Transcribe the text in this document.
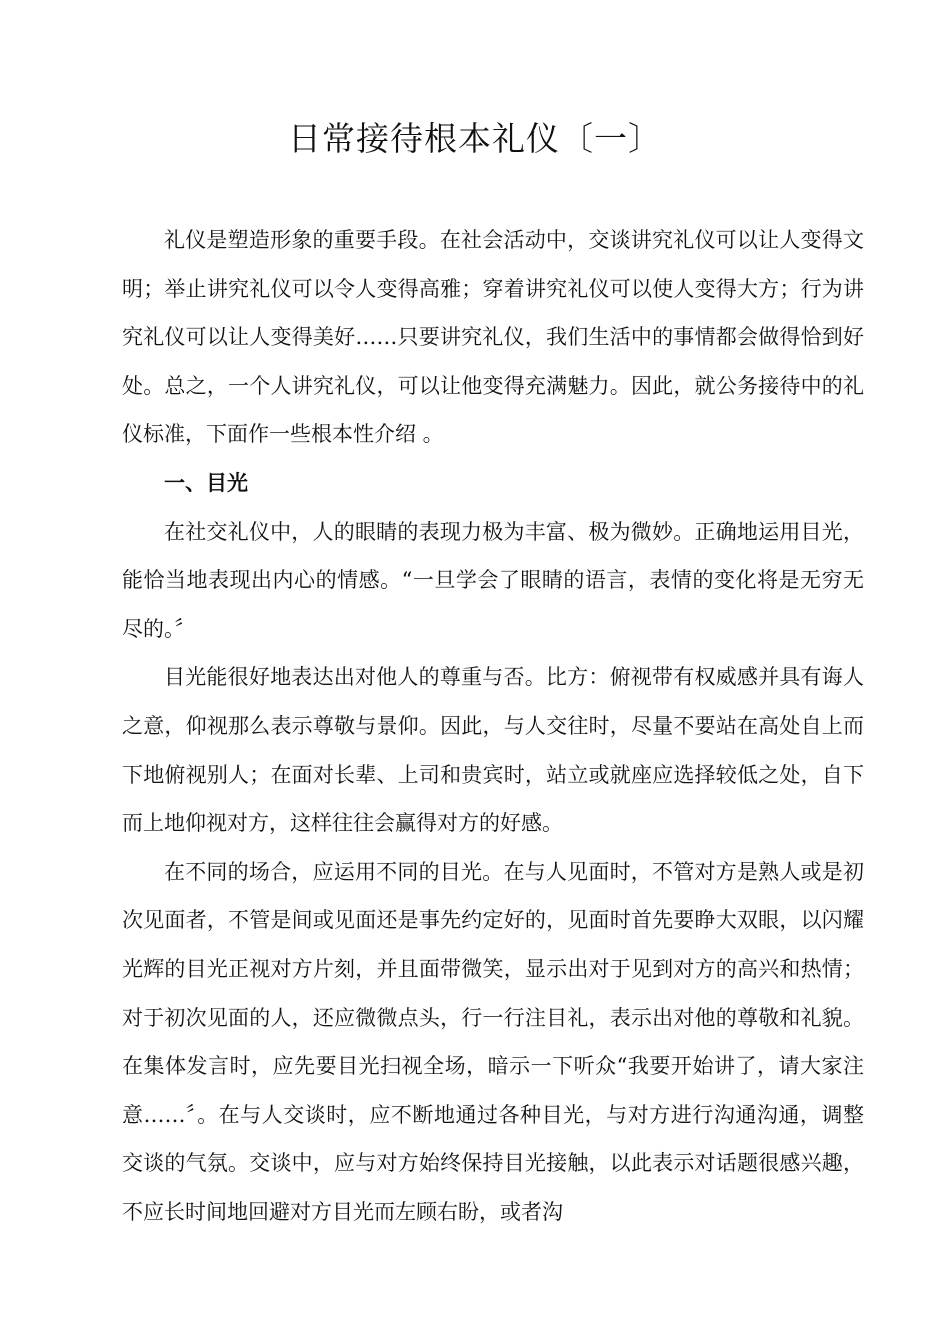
日常接待根本礼仪〔一〕

礼仪是塑造形象的重要手段。在社会活动中，交谈讲究礼仪可以让人变得文明；举止讲究礼仪可以令人变得高雅；穿着讲究礼仪可以使人变得大方；行为讲究礼仪可以让人变得美好……只要讲究礼仪，我们生活中的事情都会做得恰到好处。总之，一个人讲究礼仪，可以让他变得充满魅力。因此，就公务接待中的礼仪标准，下面作一些根本性介绍 。

一、目光

在社交礼仪中，人的眼睛的表现力极为丰富、极为微妙。正确地运用目光，能恰当地表现出内心的情感。“一旦学会了眼睛的语言，表情的变化将是无穷无尽的。〞

目光能很好地表达出对他人的尊重与否。比方：俯视带有权威感并具有诲人之意，仰视那么表示尊敬与景仰。因此，与人交往时，尽量不要站在高处自上而下地俯视别人；在面对长辈、上司和贵宾时，站立或就座应选择较低之处，自下而上地仰视对方，这样往往会赢得对方的好感。

在不同的场合，应运用不同的目光。在与人见面时，不管对方是熟人或是初次见面者，不管是间或见面还是事先约定好的，见面时首先要睁大双眼，以闪耀光辉的目光正视对方片刻，并且面带微笑，显示出对于见到对方的高兴和热情；对于初次见面的人，还应微微点头，行一行注目礼，表示出对他的尊敬和礼貌。在集体发言时，应先要目光扫视全场，暗示一下听众“我要开始讲了，请大家注意……〞。在与人交谈时，应不断地通过各种目光，与对方进行沟通沟通，调整交谈的气氛。交谈中，应与对方始终保持目光接触，以此表示对话题很感兴趣，不应长时间地回避对方目光而左顾右盼，或者沟
